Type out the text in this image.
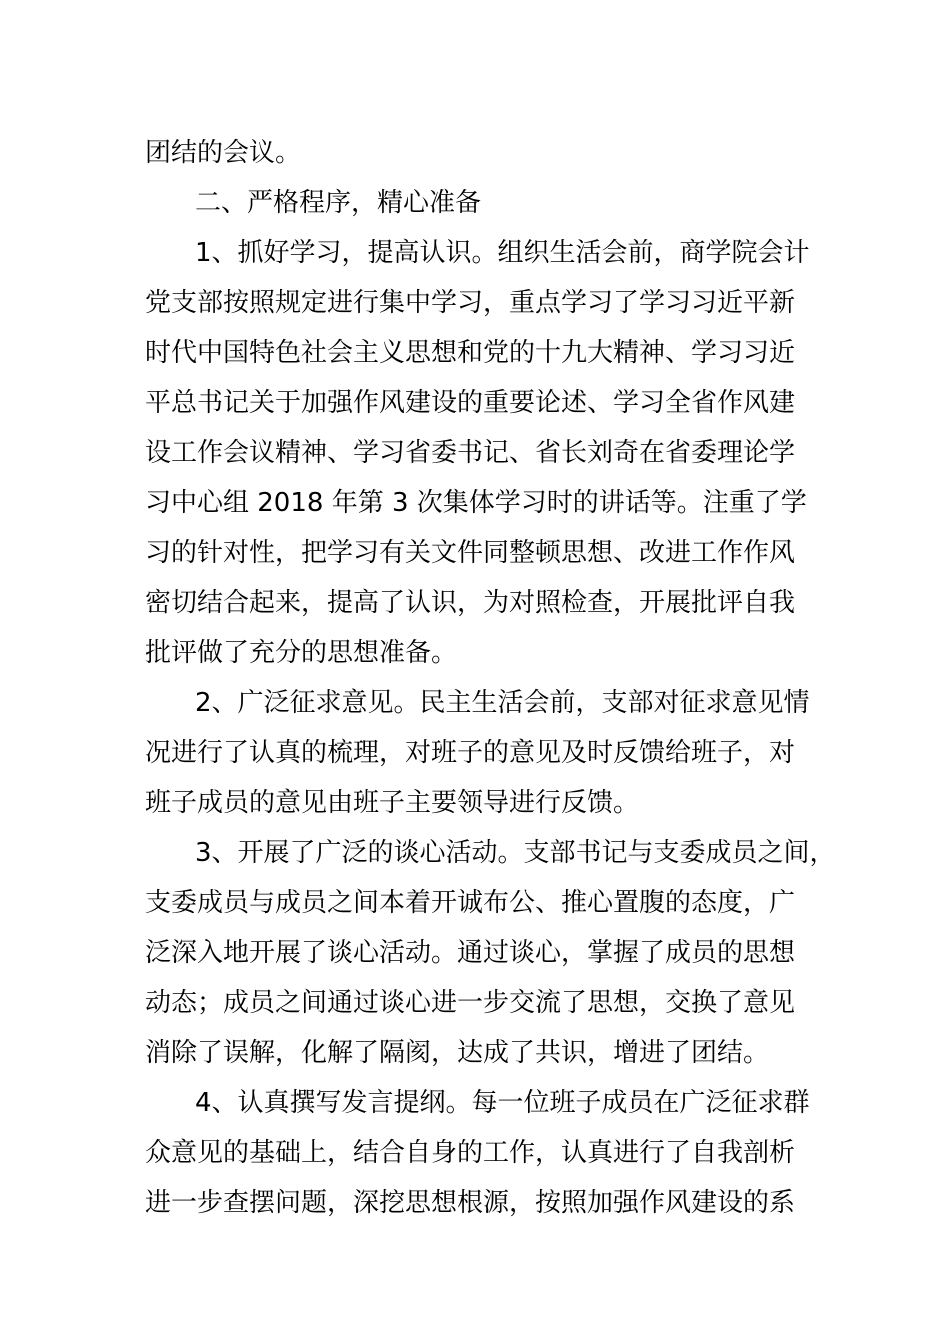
团结的会议。
二、严格程序，精心准备
1、抓好学习，提高认识。组织生活会前，商学院会计
党支部按照规定进行集中学习，重点学习了学习习近平新
时代中国特色社会主义思想和党的十九大精神、学习习近
平总书记关于加强作风建设的重要论述、学习全省作风建
设工作会议精神、学习省委书记、省长刘奇在省委理论学
习中心组 2018 年第 3 次集体学习时的讲话等。注重了学
习的针对性，把学习有关文件同整顿思想、改进工作作风
密切结合起来，提高了认识，为对照检查，开展批评自我
批评做了充分的思想准备。
2、广泛征求意见。民主生活会前，支部对征求意见情
况进行了认真的梳理，对班子的意见及时反馈给班子，对
班子成员的意见由班子主要领导进行反馈。
3、开展了广泛的谈心活动。支部书记与支委成员之间，
支委成员与成员之间本着开诚布公、推心置腹的态度，广
泛深入地开展了谈心活动。通过谈心，掌握了成员的思想
动态；成员之间通过谈心进一步交流了思想，交换了意见
消除了误解，化解了隔阂，达成了共识，增进了团结。
4、认真撰写发言提纲。每一位班子成员在广泛征求群
众意见的基础上，结合自身的工作，认真进行了自我剖析
进一步查摆问题，深挖思想根源，按照加强作风建设的系
